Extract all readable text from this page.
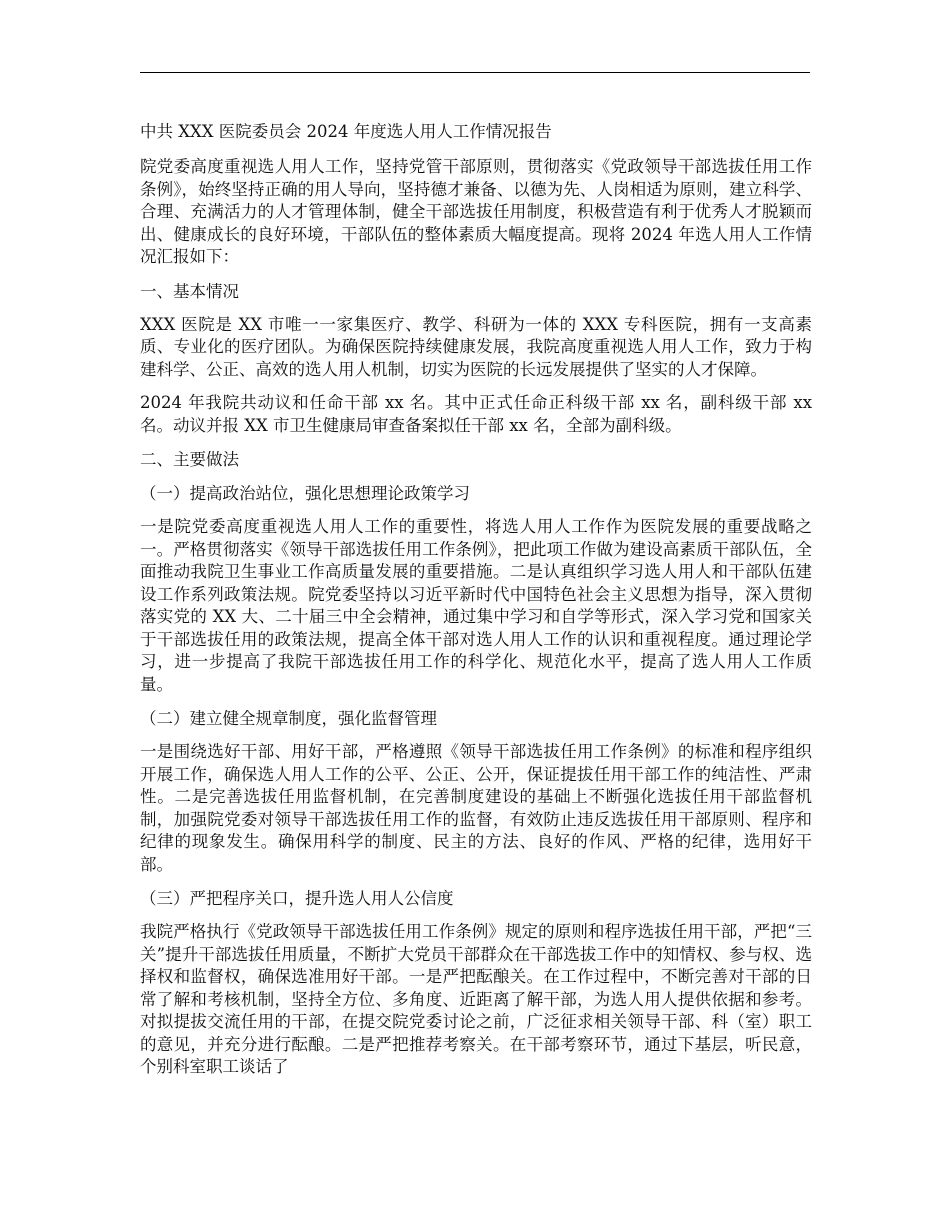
中共 XXX 医院委员会 2024 年度选人用人工作情况报告

院党委高度重视选人用人工作，坚持党管干部原则，贯彻落实《党政领导干部选拔任用工作条例》，始终坚持正确的用人导向，坚持德才兼备、以德为先、人岗相适为原则，建立科学、合理、充满活力的人才管理体制，健全干部选拔任用制度，积极营造有利于优秀人才脱颖而出、健康成长的良好环境，干部队伍的整体素质大幅度提高。现将 2024 年选人用人工作情况汇报如下：

一、基本情况

XXX 医院是 XX 市唯一一家集医疗、教学、科研为一体的 XXX 专科医院，拥有一支高素质、专业化的医疗团队。为确保医院持续健康发展，我院高度重视选人用人工作，致力于构建科学、公正、高效的选人用人机制，切实为医院的长远发展提供了坚实的人才保障。

2024 年我院共动议和任命干部 xx 名。其中正式任命正科级干部 xx 名，副科级干部 xx 名。动议并报 XX 市卫生健康局审查备案拟任干部 xx 名，全部为副科级。

二、主要做法

（一）提高政治站位，强化思想理论政策学习

一是院党委高度重视选人用人工作的重要性，将选人用人工作作为医院发展的重要战略之一。严格贯彻落实《领导干部选拔任用工作条例》，把此项工作做为建设高素质干部队伍，全面推动我院卫生事业工作高质量发展的重要措施。二是认真组织学习选人用人和干部队伍建设工作系列政策法规。院党委坚持以习近平新时代中国特色社会主义思想为指导，深入贯彻落实党的 XX 大、二十届三中全会精神，通过集中学习和自学等形式，深入学习党和国家关于干部选拔任用的政策法规，提高全体干部对选人用人工作的认识和重视程度。通过理论学习，进一步提高了我院干部选拔任用工作的科学化、规范化水平，提高了选人用人工作质量。

（二）建立健全规章制度，强化监督管理

一是围绕选好干部、用好干部，严格遵照《领导干部选拔任用工作条例》的标准和程序组织开展工作，确保选人用人工作的公平、公正、公开，保证提拔任用干部工作的纯洁性、严肃性。二是完善选拔任用监督机制，在完善制度建设的基础上不断强化选拔任用干部监督机制，加强院党委对领导干部选拔任用工作的监督，有效防止违反选拔任用干部原则、程序和纪律的现象发生。确保用科学的制度、民主的方法、良好的作风、严格的纪律，选用好干部。

（三）严把程序关口，提升选人用人公信度

我院严格执行《党政领导干部选拔任用工作条例》规定的原则和程序选拔任用干部，严把“三关”提升干部选拔任用质量，不断扩大党员干部群众在干部选拔工作中的知情权、参与权、选择权和监督权，确保选准用好干部。一是严把酝酿关。在工作过程中，不断完善对干部的日常了解和考核机制，坚持全方位、多角度、近距离了解干部，为选人用人提供依据和参考。对拟提拔交流任用的干部，在提交院党委讨论之前，广泛征求相关领导干部、科（室）职工的意见，并充分进行酝酿。二是严把推荐考察关。在干部考察环节，通过下基层，听民意，个别科室职工谈话了
